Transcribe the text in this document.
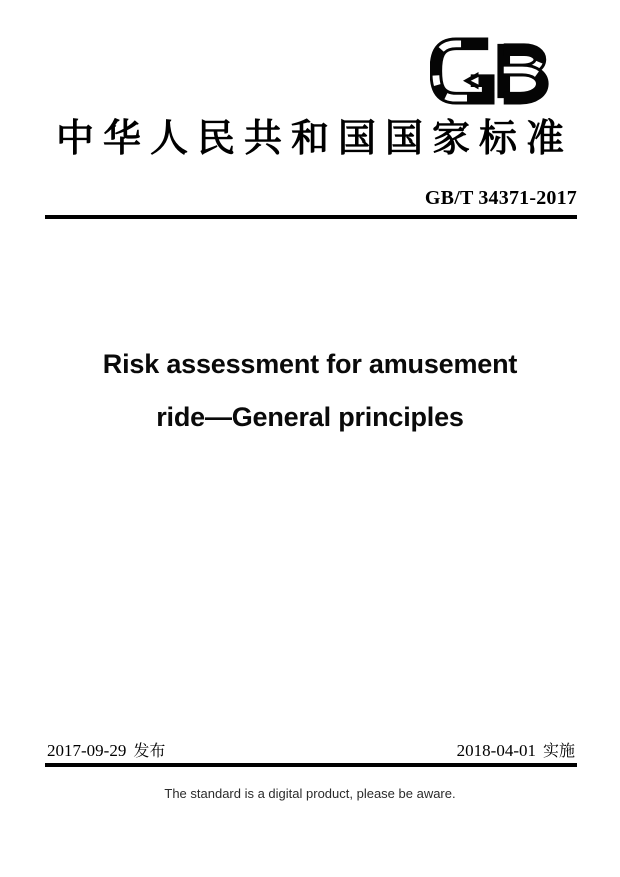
中华人民共和国国家标准
GB/T 34371-2017
Risk assessment for amusement
ride—General principles
2017-09-29 发布	2018-04-01 实施
The standard is a digital product, please be aware.
